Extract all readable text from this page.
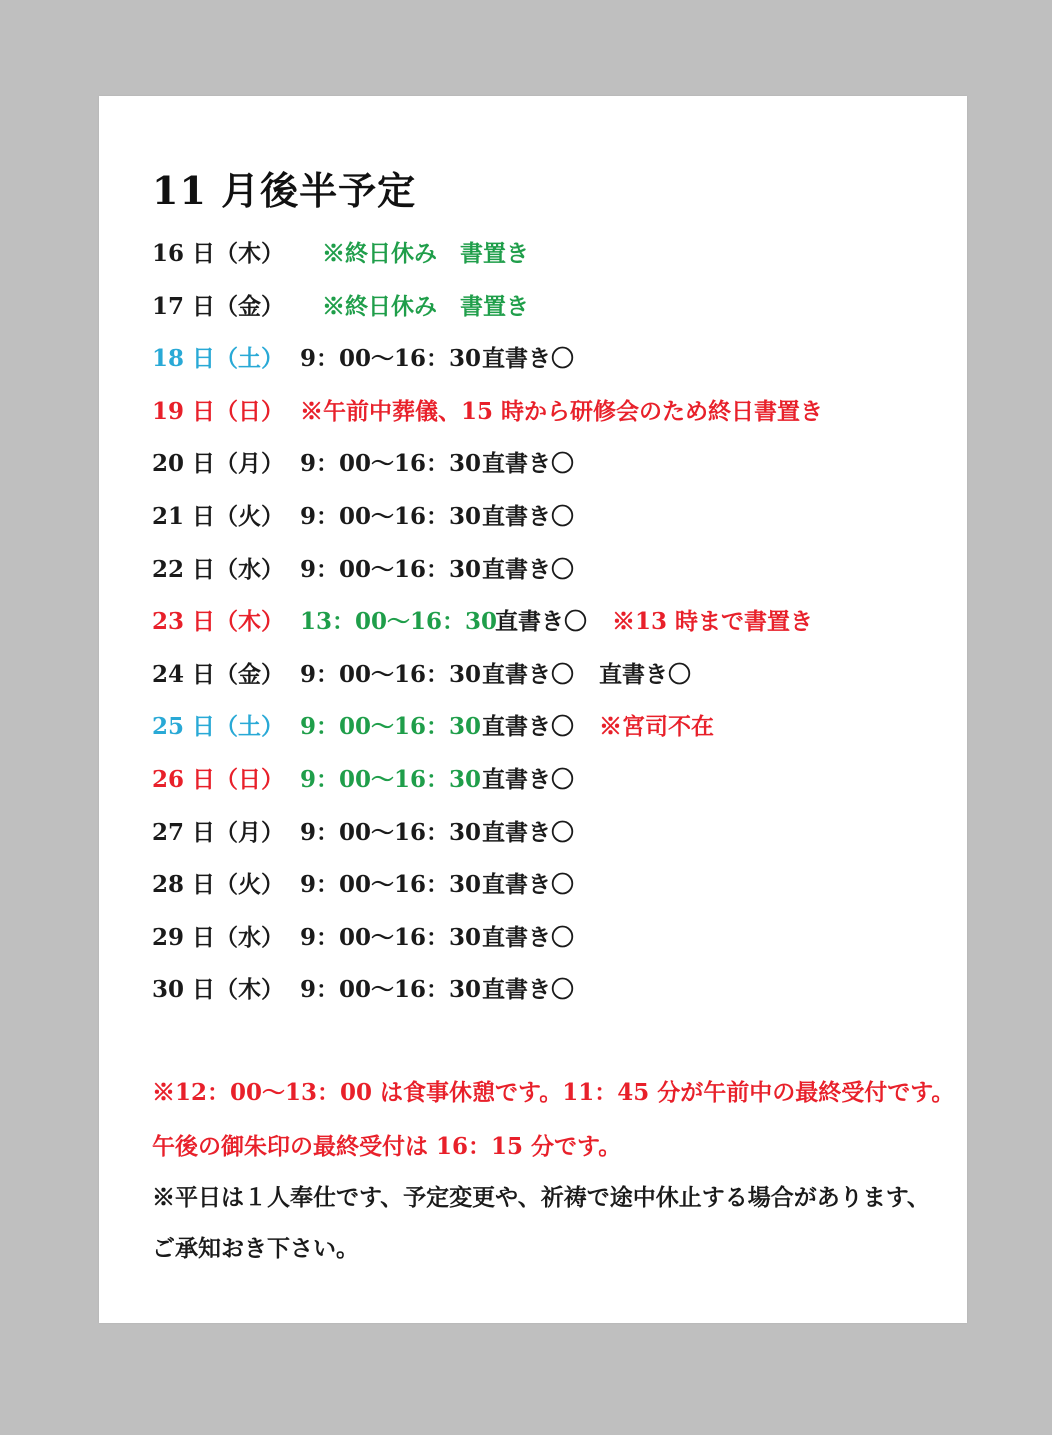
11 月後半予定
16 日（木） ※終日休み　書置き
17 日（金） ※終日休み　書置き
18 日（土） 9：00～16：30 直書き〇
19 日（日） ※午前中葬儀、15 時から研修会のため終日書置き
20 日（月） 9：00～16：30 直書き〇
21 日（火） 9：00～16：30 直書き〇
22 日（水） 9：00～16：30 直書き〇
23 日（木） 13：00～16：30
直書き〇 ※13 時まで書置き
24 日（金） 9：00～16：30 直書き〇 直書き〇
25 日（土） 9：00～16：30 直書き〇 ※宮司不在
26 日（日） 9：00～16：30 直書き〇
27 日（月） 9：00～16：30 直書き〇
28 日（火） 9：00～16：30 直書き〇
29 日（水） 9：00～16：30 直書き〇
30 日（木） 9：00～16：30 直書き〇
※12：00～13：00 は食事休憩です。11：45 分が午前中の最終受付です。
午後の御朱印の最終受付は 16：15 分です。
※平日は１人奉仕です、予定変更や、祈祷で途中休止する場合があります、
ご承知おき下さい。
